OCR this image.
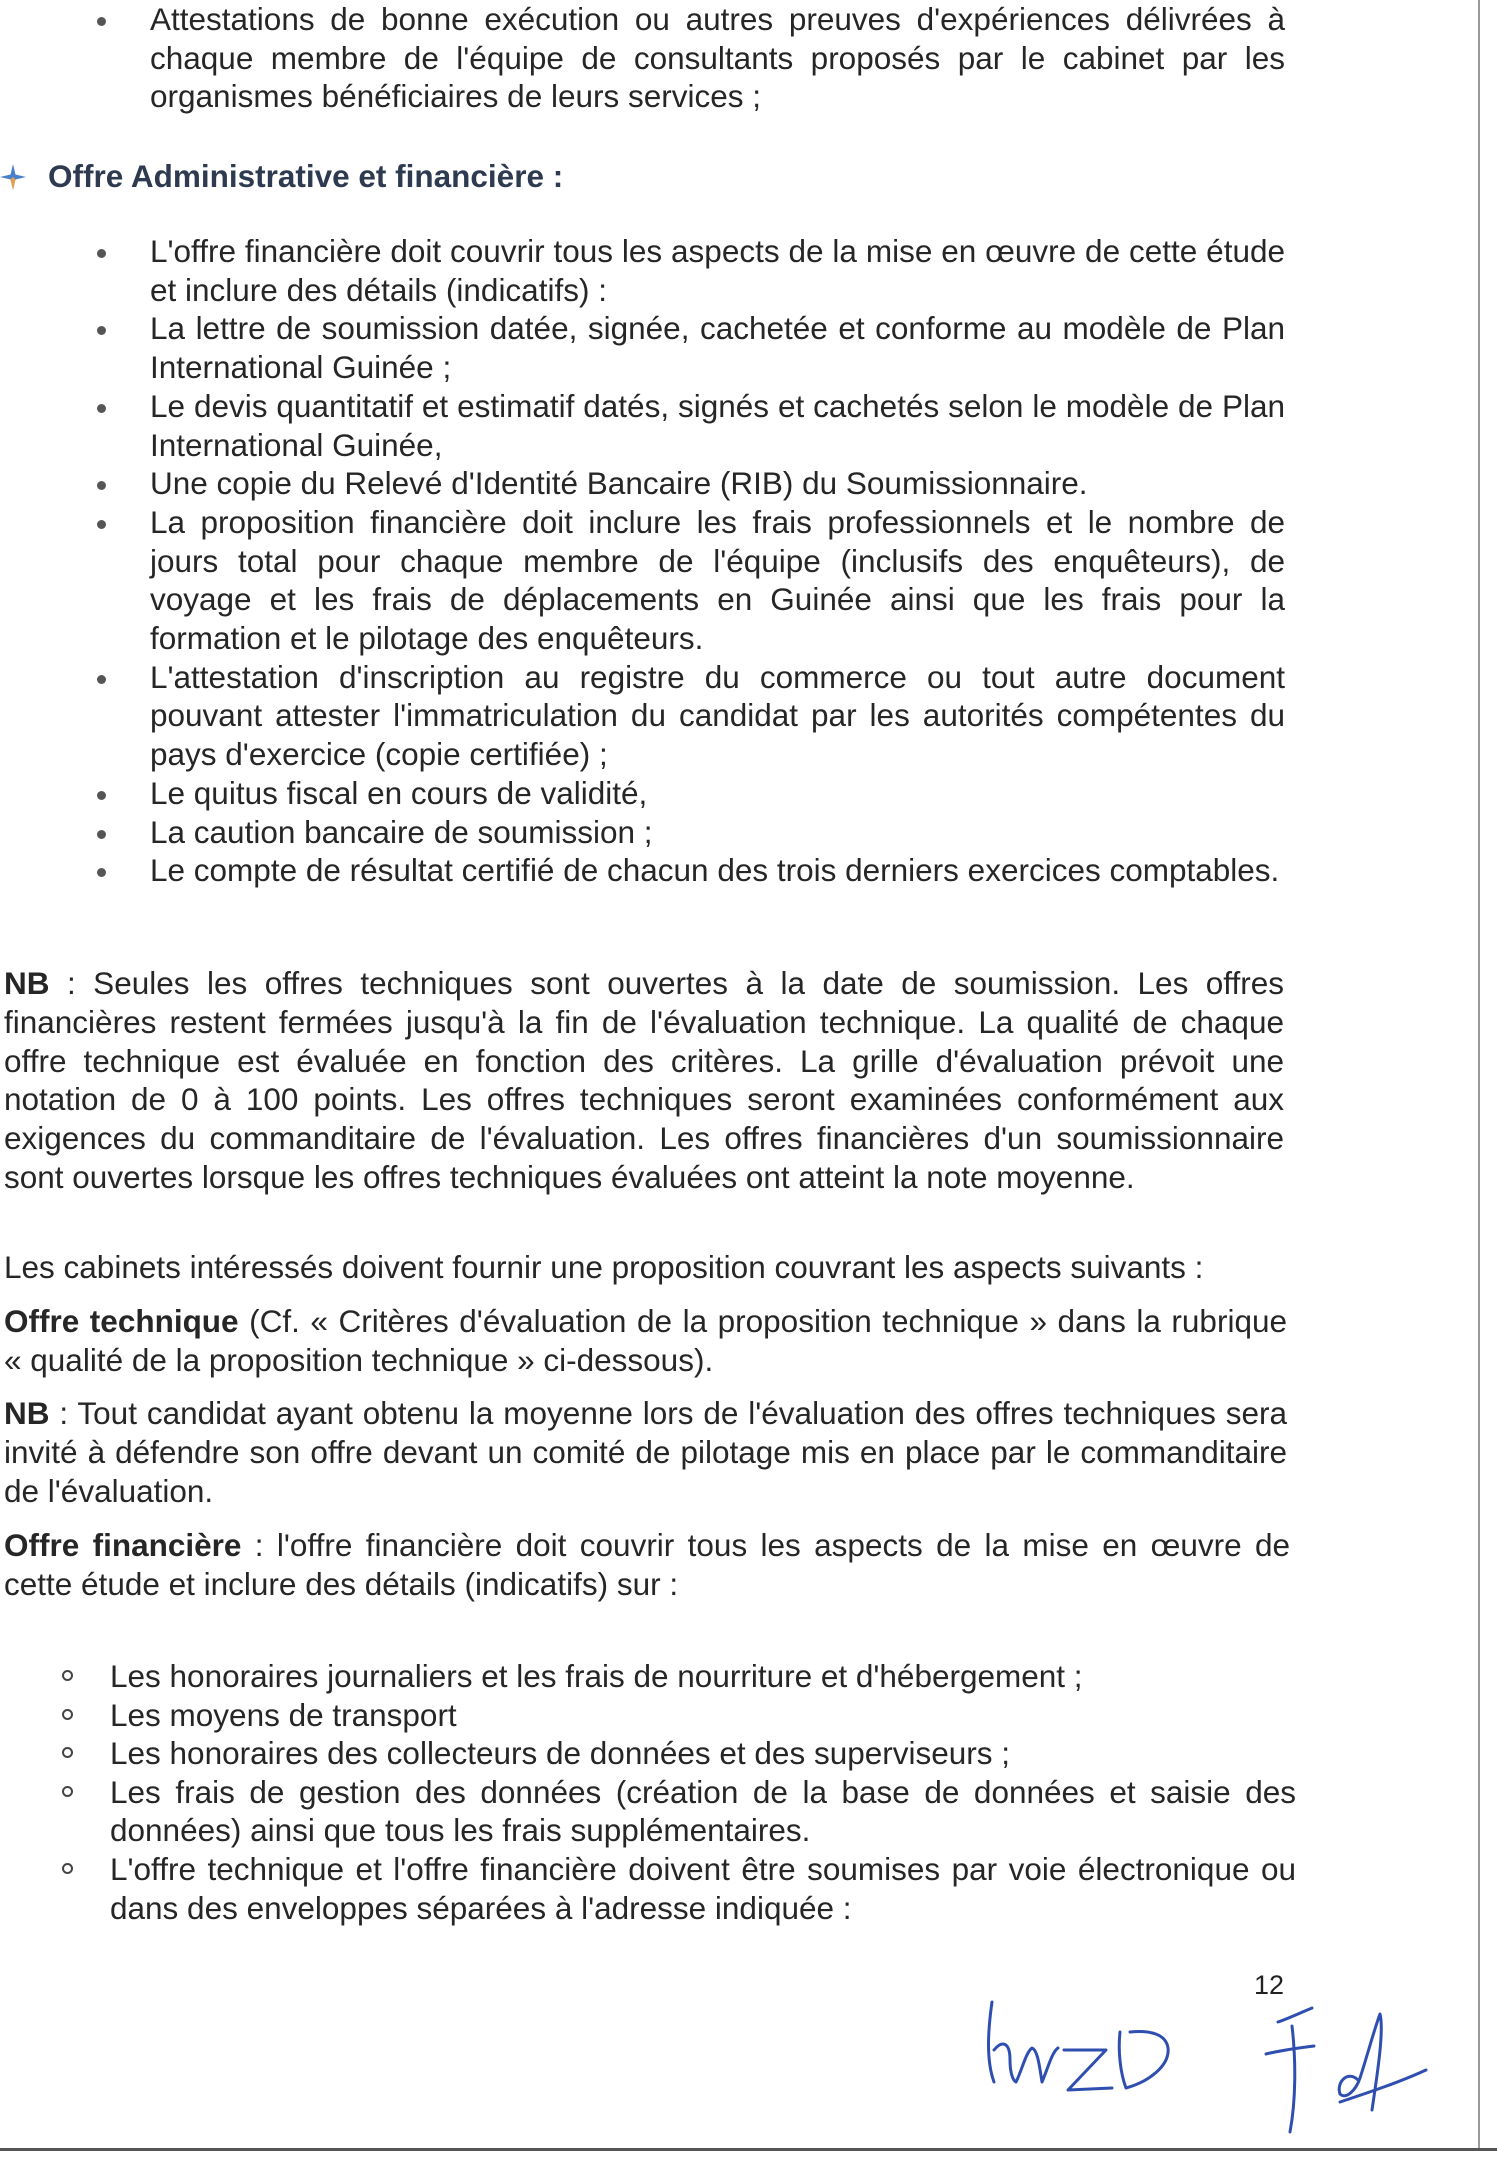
Attestations de bonne exécution ou autres preuves d'expériences délivrées à chaque membre de l'équipe de consultants proposés par le cabinet par les organismes bénéficiaires de leurs services ;
Offre Administrative et financière :
L'offre financière doit couvrir tous les aspects de la mise en œuvre de cette étude et inclure des détails (indicatifs) :
La lettre de soumission datée, signée, cachetée et conforme au modèle de Plan International Guinée ;
Le devis quantitatif et estimatif datés, signés et cachetés selon le modèle de Plan International Guinée,
Une copie du Relevé d'Identité Bancaire (RIB) du Soumissionnaire.
La proposition financière doit inclure les frais professionnels et le nombre de jours total pour chaque membre de l'équipe (inclusifs des enquêteurs), de voyage et les frais de déplacements en Guinée ainsi que les frais pour la formation et le pilotage des enquêteurs.
L'attestation d'inscription au registre du commerce ou tout autre document pouvant attester l'immatriculation du candidat par les autorités compétentes du pays d'exercice (copie certifiée) ;
Le quitus fiscal en cours de validité,
La caution bancaire de soumission ;
Le compte de résultat certifié de chacun des trois derniers exercices comptables.

NB : Seules les offres techniques sont ouvertes à la date de soumission. Les offres financières restent fermées jusqu'à la fin de l'évaluation technique. La qualité de chaque offre technique est évaluée en fonction des critères. La grille d'évaluation prévoit une notation de 0 à 100 points. Les offres techniques seront examinées conformément aux exigences du commanditaire de l'évaluation. Les offres financières d'un soumissionnaire sont ouvertes lorsque les offres techniques évaluées ont atteint la note moyenne.

Les cabinets intéressés doivent fournir une proposition couvrant les aspects suivants :

Offre technique (Cf. « Critères d'évaluation de la proposition technique » dans la rubrique « qualité de la proposition technique » ci-dessous).

NB : Tout candidat ayant obtenu la moyenne lors de l'évaluation des offres techniques sera invité à défendre son offre devant un comité de pilotage mis en place par le commanditaire de l'évaluation.

Offre financière : l'offre financière doit couvrir tous les aspects de la mise en œuvre de cette étude et inclure des détails (indicatifs) sur :

Les honoraires journaliers et les frais de nourriture et d'hébergement ;
Les moyens de transport
Les honoraires des collecteurs de données et des superviseurs ;
Les frais de gestion des données (création de la base de données et saisie des données) ainsi que tous les frais supplémentaires.
L'offre technique et l'offre financière doivent être soumises par voie électronique ou dans des enveloppes séparées à l'adresse indiquée :
12
